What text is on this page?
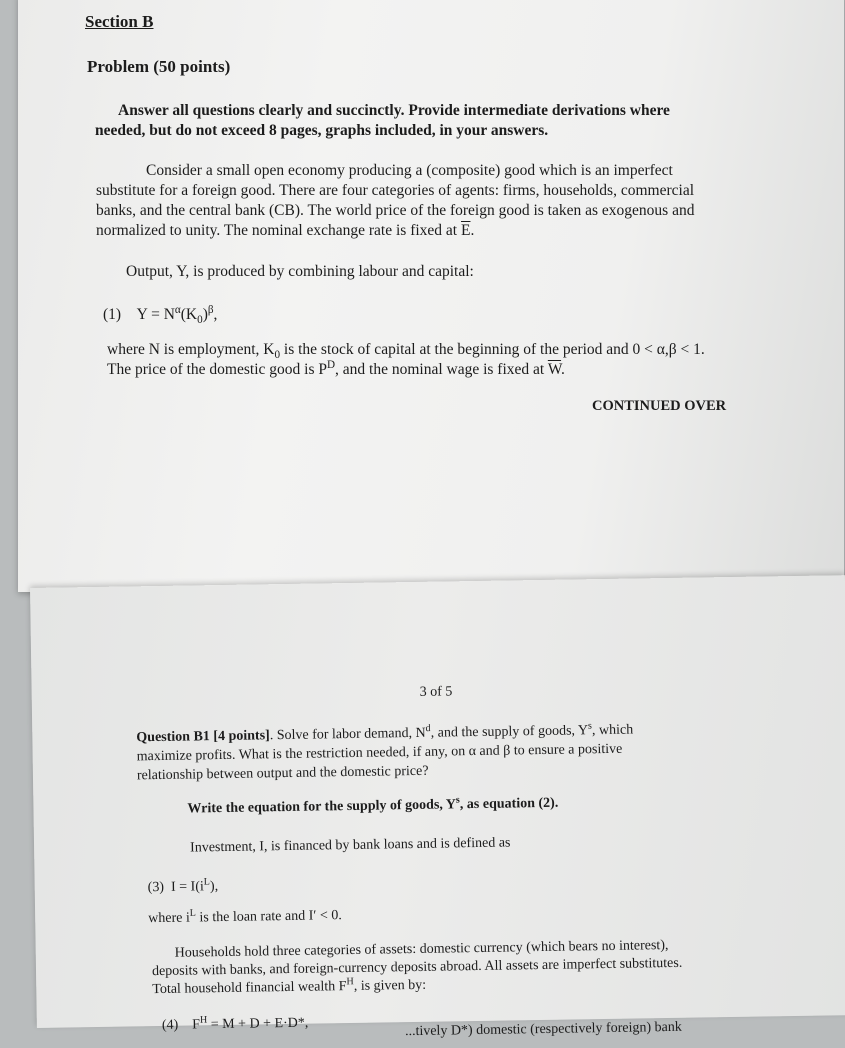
Section B
Problem (50 points)
Answer all questions clearly and succinctly. Provide intermediate derivations where
needed, but do not exceed 8 pages, graphs included, in your answers.
Consider a small open economy producing a (composite) good which is an imperfect
substitute for a foreign good. There are four categories of agents: firms, households, commercial
banks, and the central bank (CB). The world price of the foreign good is taken as exogenous and
normalized to unity. The nominal exchange rate is fixed at $\overline{E}$.
Output, Y, is produced by combining labour and capital:
(1) $Y = N^\alpha(K_0)^\beta$,
where N is employment, $K_0$ is the stock of capital at the beginning of the period and 0 < α,β < 1.
The price of the domestic good is $P^D$, and the nominal wage is fixed at $\overline{W}$.
CONTINUED OVER
3 of 5
Question B1 [4 points]. Solve for labor demand, $N^d$, and the supply of goods, $Y^s$, which
maximize profits. What is the restriction needed, if any, on α and β to ensure a positive
relationship between output and the domestic price?
Write the equation for the supply of goods, $Y^s$, as equation (2).
Investment, I, is financed by bank loans and is defined as
(3) $I = I(i^L)$,
where $i^L$ is the loan rate and I′ < 0.
Households hold three categories of assets: domestic currency (which bears no interest),
deposits with banks, and foreign-currency deposits abroad. All assets are imperfect substitutes.
Total household financial wealth $F^H$, is given by:
(4) $F^H = M + D + E\cdot D*$,	...tively D*) domestic (respectively foreign) bank
